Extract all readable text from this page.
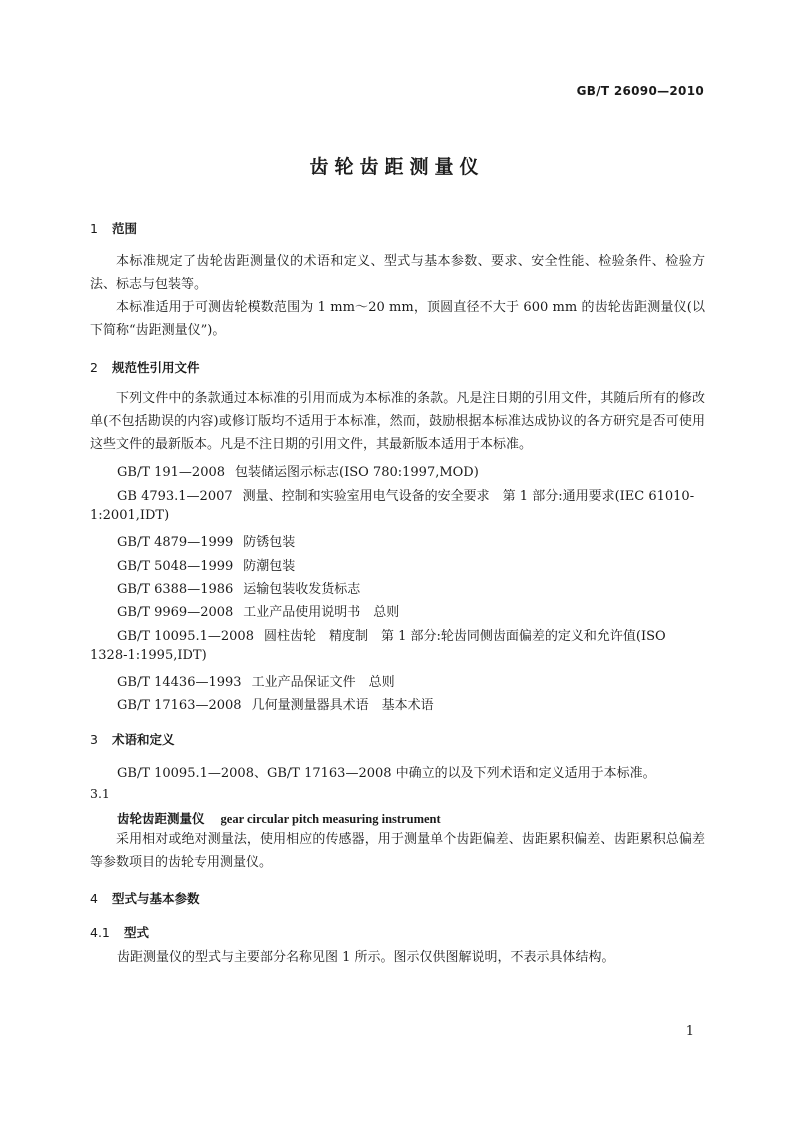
GB/T 26090—2010
齿轮齿距测量仪
1 范围
本标准规定了齿轮齿距测量仪的术语和定义、型式与基本参数、要求、安全性能、检验条件、检验方法、标志与包装等。
本标准适用于可测齿轮模数范围为 1 mm～20 mm，顶圆直径不大于 600 mm 的齿轮齿距测量仪(以下简称“齿距测量仪”)。
2 规范性引用文件
下列文件中的条款通过本标准的引用而成为本标准的条款。凡是注日期的引用文件，其随后所有的修改单(不包括勘误的内容)或修订版均不适用于本标准，然而，鼓励根据本标准达成协议的各方研究是否可使用这些文件的最新版本。凡是不注日期的引用文件，其最新版本适用于本标准。
GB/T 191—2008 包装储运图示标志(ISO 780:1997,MOD)
GB 4793.1—2007 测量、控制和实验室用电气设备的安全要求　第 1 部分:通用要求(IEC 61010-
1:2001,IDT)
GB/T 4879—1999 防锈包装
GB/T 5048—1999 防潮包装
GB/T 6388—1986 运输包装收发货标志
GB/T 9969—2008 工业产品使用说明书　总则
GB/T 10095.1—2008 圆柱齿轮　精度制　第 1 部分:轮齿同侧齿面偏差的定义和允许值(ISO
1328-1:1995,IDT)
GB/T 14436—1993 工业产品保证文件　总则
GB/T 17163—2008 几何量测量器具术语　基本术语
3 术语和定义
GB/T 10095.1—2008、GB/T 17163—2008 中确立的以及下列术语和定义适用于本标准。
3.1
齿轮齿距测量仪 gear circular pitch measuring instrument
采用相对或绝对测量法，使用相应的传感器，用于测量单个齿距偏差、齿距累积偏差、齿距累积总偏差等参数项目的齿轮专用测量仪。
4 型式与基本参数
4.1 型式
齿距测量仪的型式与主要部分名称见图 1 所示。图示仅供图解说明，不表示具体结构。
1
